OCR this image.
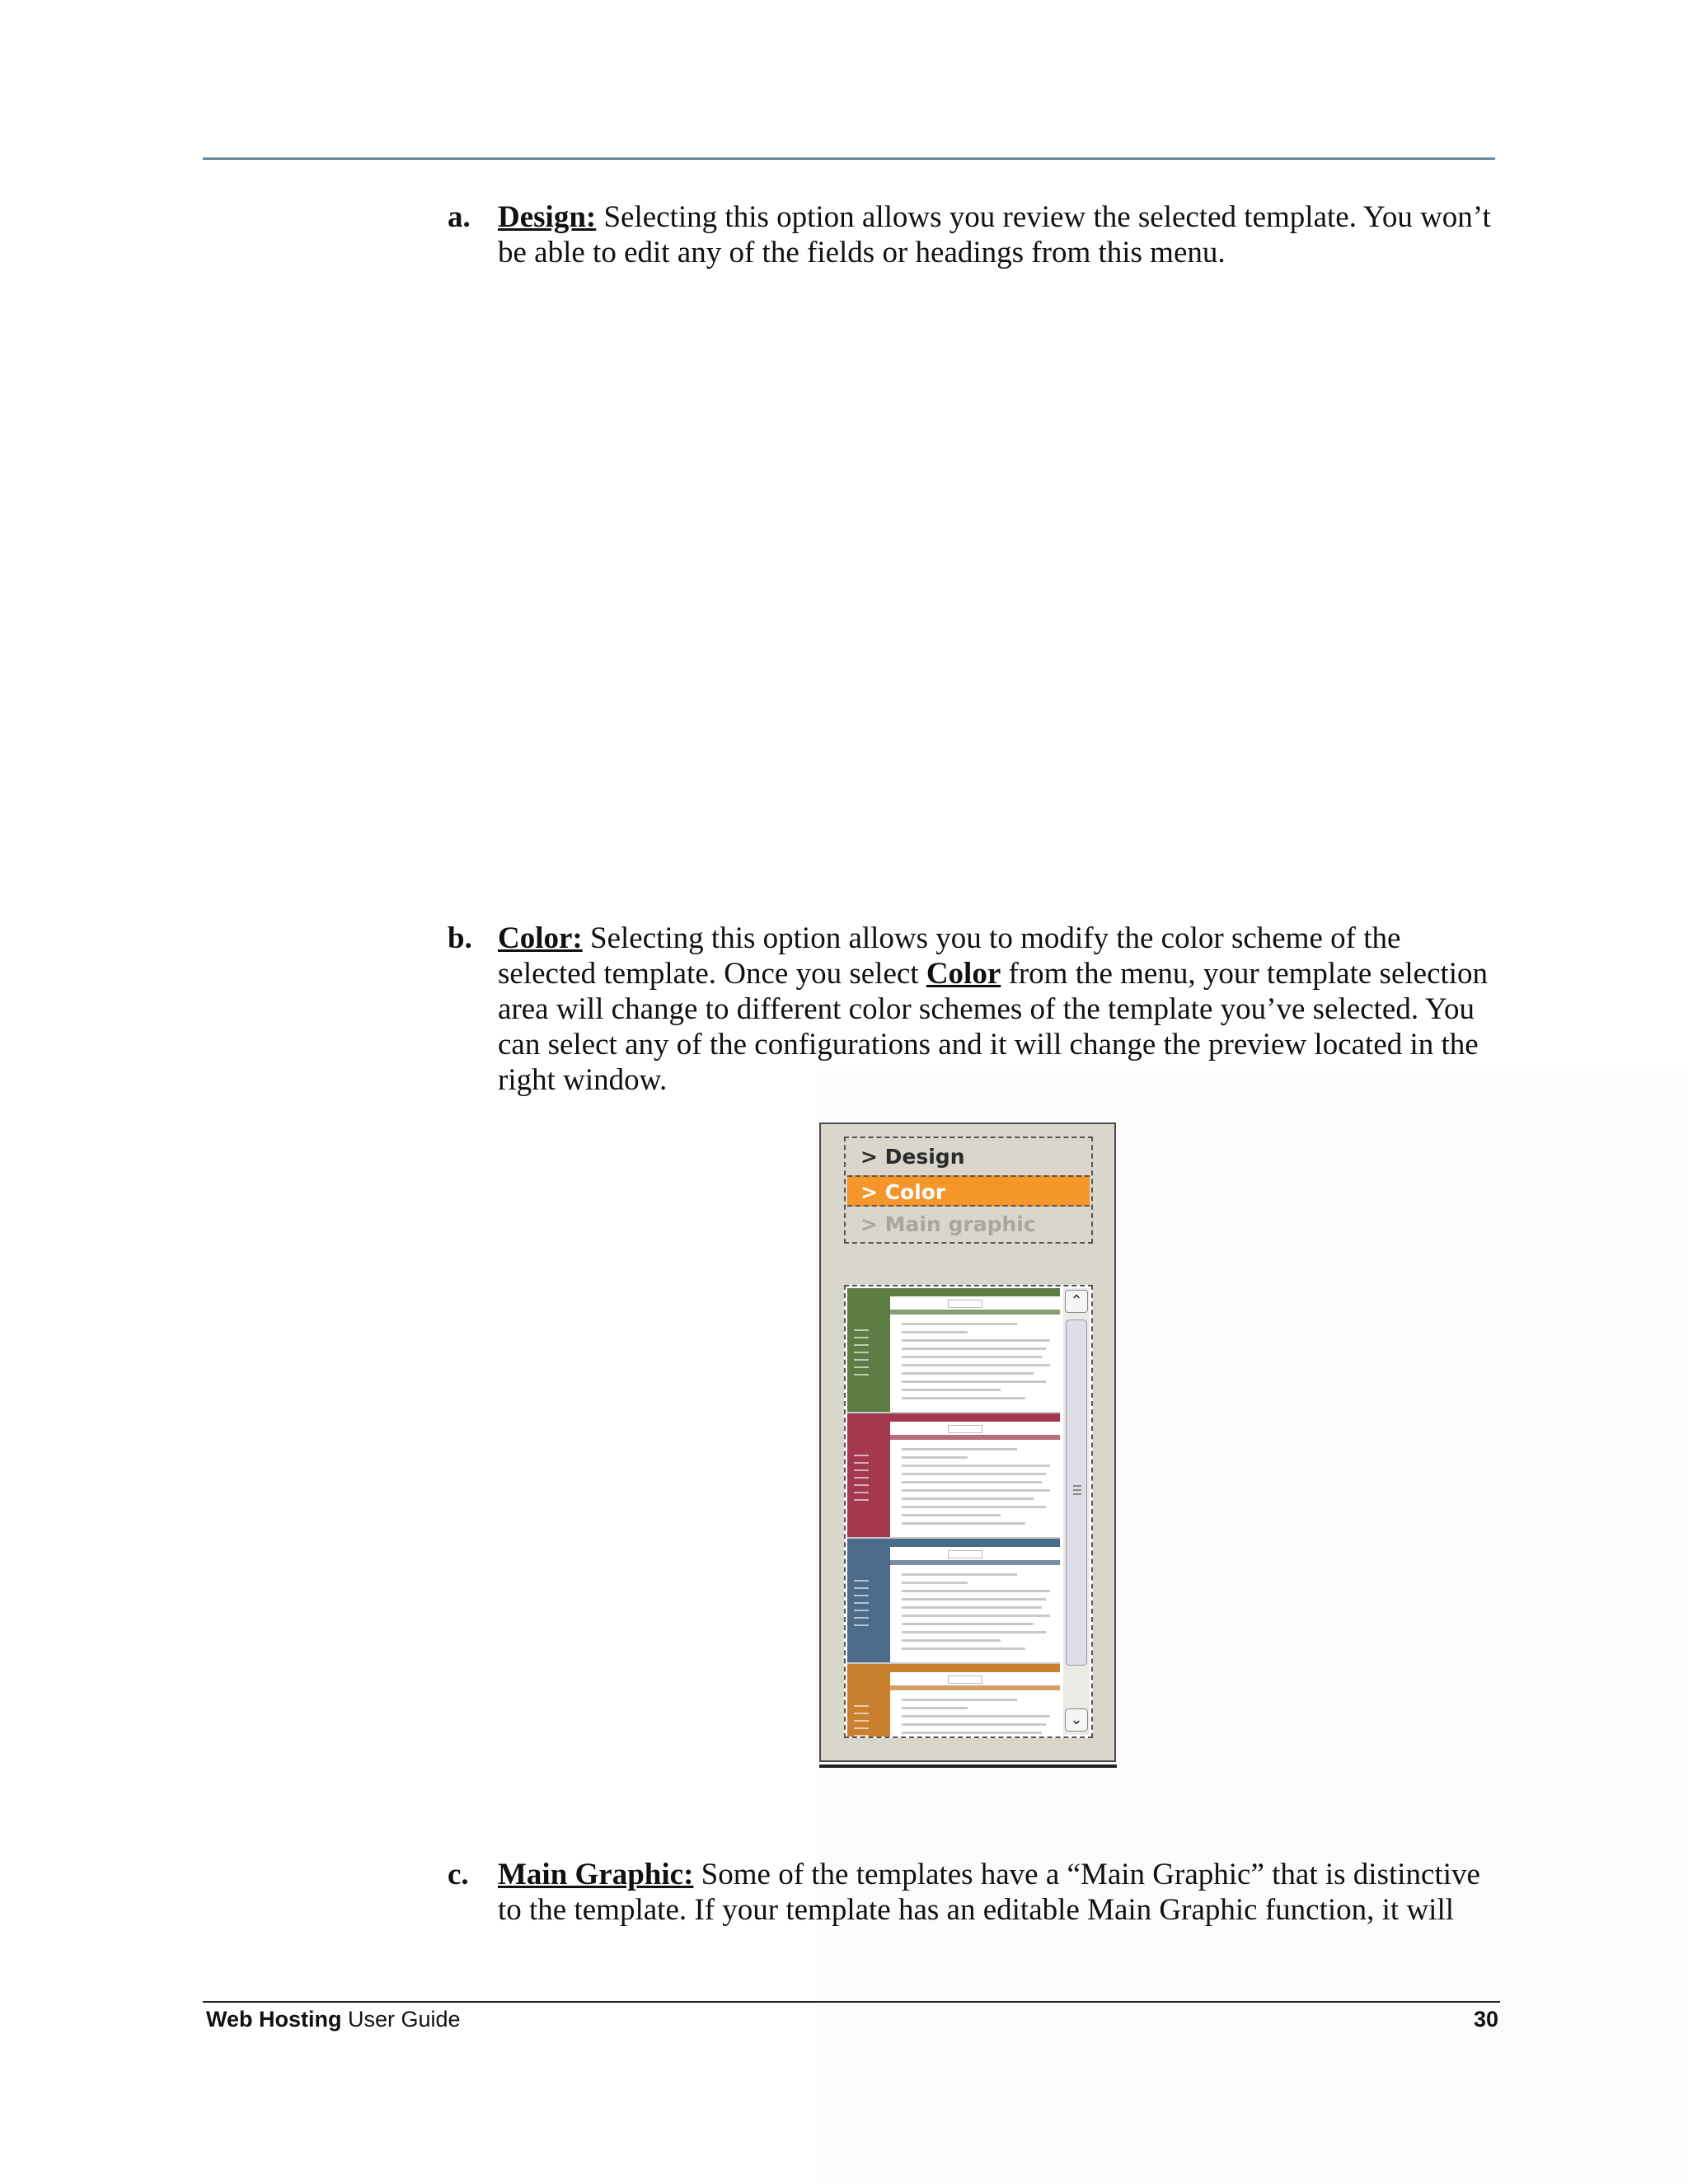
a. Design: Selecting this option allows you review the selected template. You won’t be able to edit any of the fields or headings from this menu.
b. Color: Selecting this option allows you to modify the color scheme of the selected template. Once you select Color from the menu, your template selection area will change to different color schemes of the template you’ve selected. You can select any of the configurations and it will change the preview located in the right window.
> Design
> Color
> Main graphic
⌃
⌄
c. Main Graphic: Some of the templates have a “Main Graphic” that is distinctive to the template. If your template has an editable Main Graphic function, it will
Web Hosting User Guide	30
